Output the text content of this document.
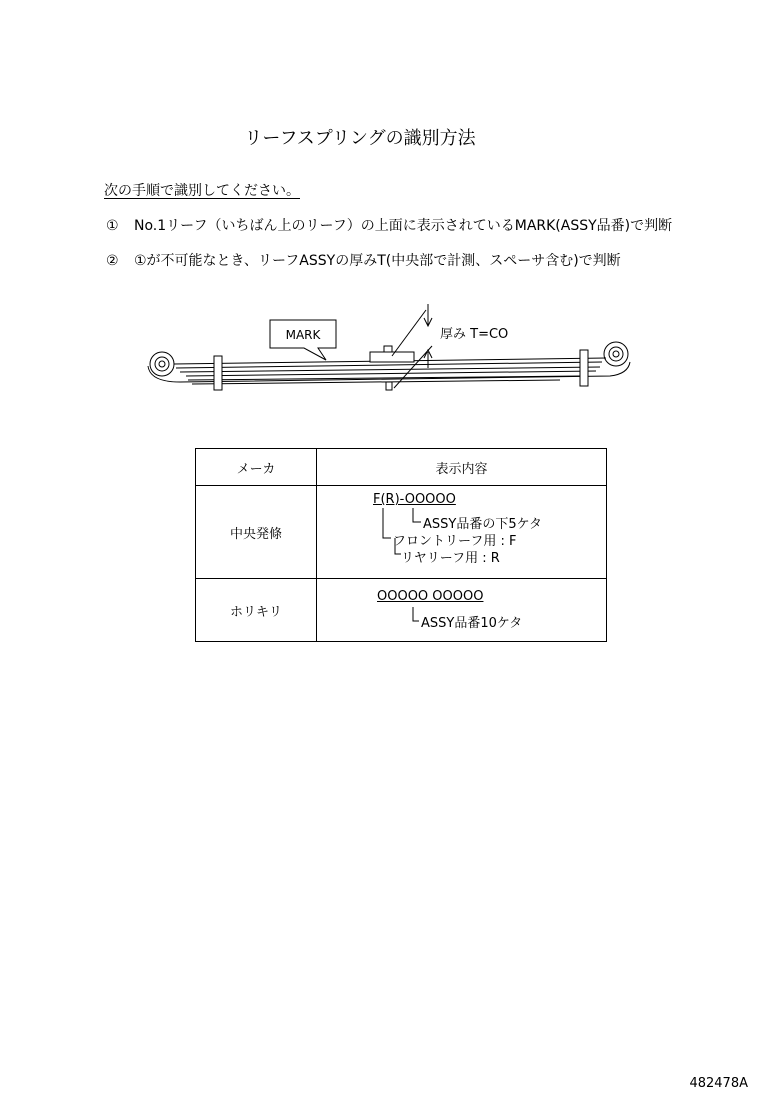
リーフスプリングの識別方法
次の手順で識別してください。
① No.1リーフ（いちばん上のリーフ）の上面に表示されているMARK(ASSY品番)で判断
② ①が不可能なとき、リーフASSYの厚みT(中央部で計測、スペーサ含む)で判断
MARK	厚み T=CO
メーカ	表示内容
中央発條	F(R)-OOOOO
ASSY品番の下5ケタ
フロントリーフ用 : F
リヤリーフ用 : R

ホリキリ	OOOOO OOOOO
ASSY品番10ケタ
482478A
